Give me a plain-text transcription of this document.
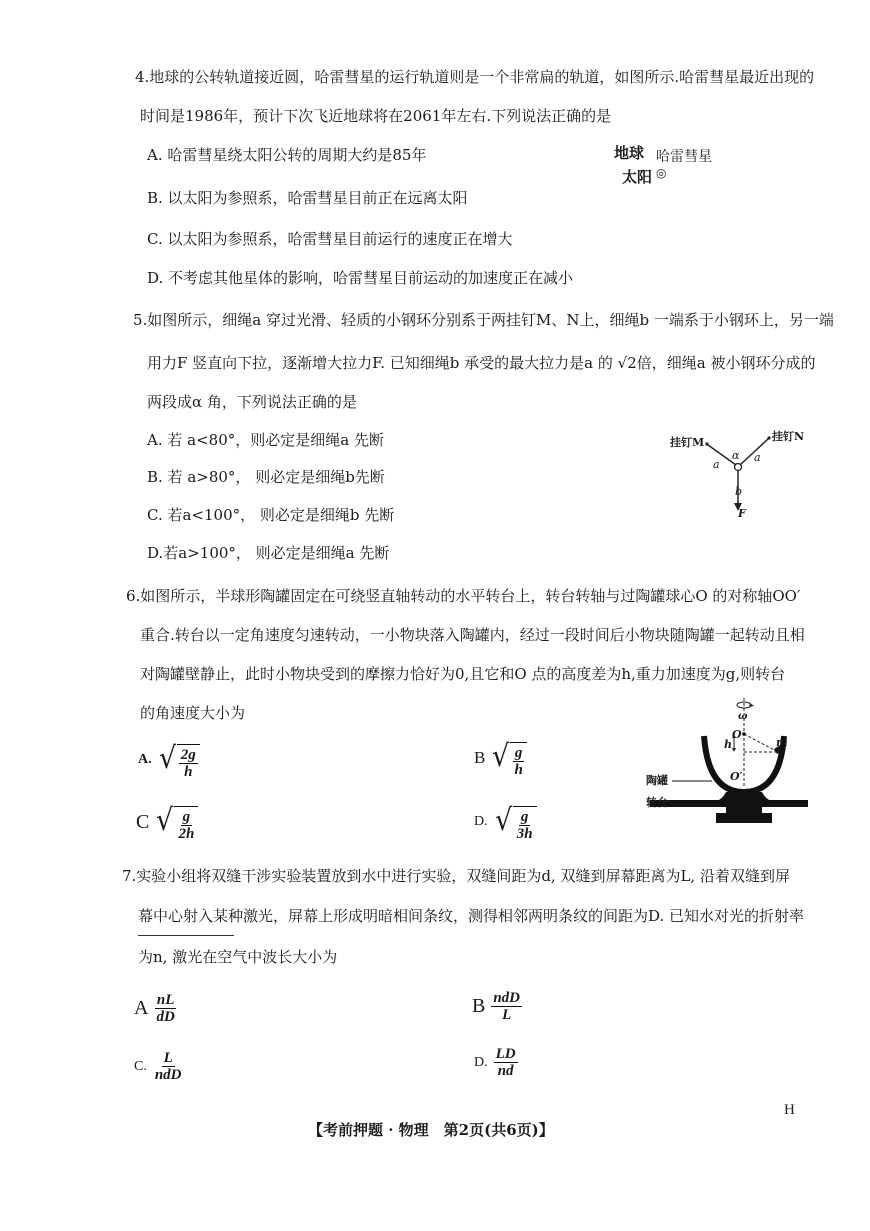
4.地球的公转轨道接近圆，哈雷彗星的运行轨道则是一个非常扁的轨道，如图所示.哈雷彗星最近出现的
时间是1986年，预计下次飞近地球将在2061年左右.下列说法正确的是
A. 哈雷彗星绕太阳公转的周期大约是85年
B. 以太阳为参照系，哈雷彗星目前正在远离太阳
C. 以太阳为参照系，哈雷彗星目前运行的速度正在增大
D. 不考虑其他星体的影响，哈雷彗星目前运动的加速度正在减小
地球 哈雷彗星
太阳 ◎
5.如图所示，细绳a 穿过光滑、轻质的小钢环分别系于两挂钉M、N上，细绳b 一端系于小钢环上，另一端
用力F 竖直向下拉，逐渐增大拉力F. 已知细绳b 承受的最大拉力是a 的 √2倍，细绳a 被小钢环分成的
两段成α 角，下列说法正确的是
A. 若 a<80°，则必定是细绳a 先断
B. 若 a>80°， 则必定是细绳b先断
C. 若a<100°， 则必定是细绳b 先断
D.若a>100°， 则必定是细绳a 先断
挂钉M	挂钉N
a
α a
b
F
6.如图所示，半球形陶罐固定在可绕竖直轴转动的水平转台上，转台转轴与过陶罐球心O 的对称轴OO′
重合.转台以一定角速度匀速转动，一小物块落入陶罐内，经过一段时间后小物块随陶罐一起转动且相
对陶罐壁静止，此时小物块受到的摩擦力恰好为0,且它和O 点的高度差为h,重力加速度为g,则转台
的角速度大小为
A. √ $\frac{2g}{h}$	B √ $\frac{g}{h}$
C √ $\frac{g}{2h}$	D. √ $\frac{g}{3h}$
ω
O
h	m
O′
陶罐
转台
7.实验小组将双缝干涉实验装置放到水中进行实验，双缝间距为d, 双缝到屏幕距离为L, 沿着双缝到屏
幕中心射入某种激光，屏幕上形成明暗相间条纹，测得相邻两明条纹的间距为D. 已知水对光的折射率
为n, 激光在空气中波长大小为
A $\frac{nL}{dD}$	B $\frac{\text{ndD}}{L}$
C. $\frac{L}{\text{ndD}}$	D. $\frac{LD}{nd}$
H
【考前押题 · 物理　第2页(共6页)】
